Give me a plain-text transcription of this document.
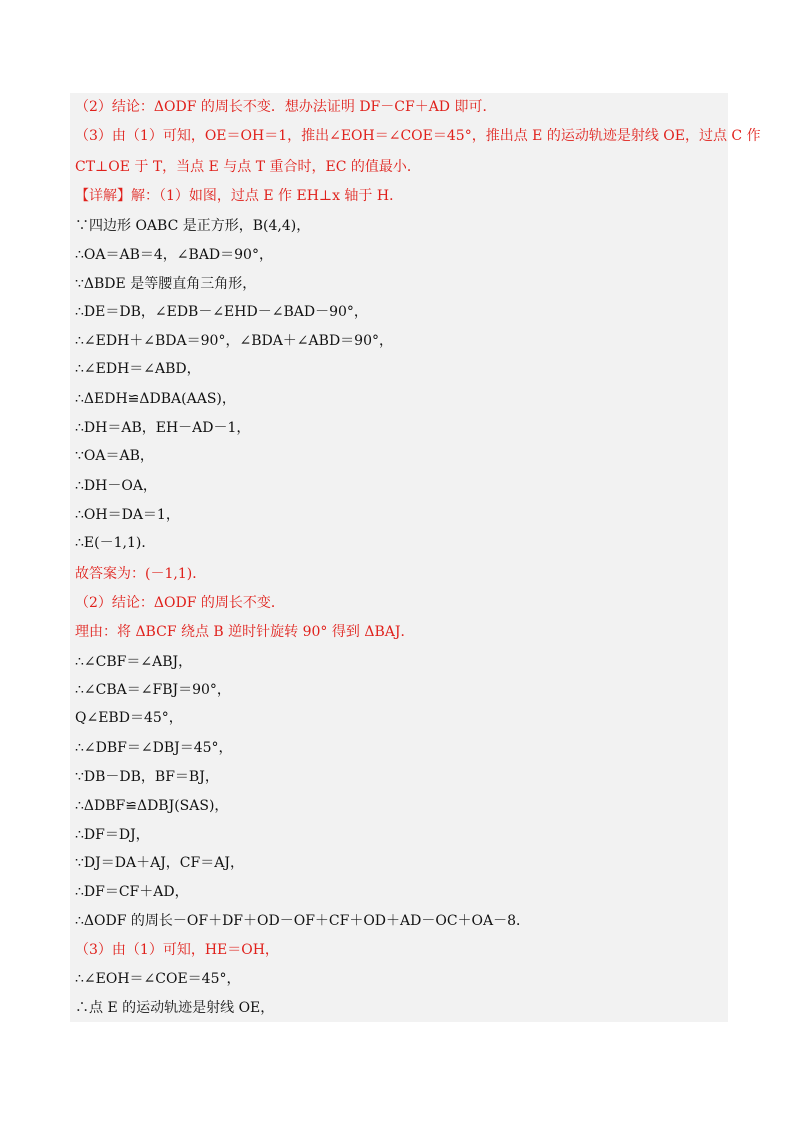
（2）结论：ΔODF 的周长不变．想办法证明 DF－CF＋AD 即可．
（3）由（1）可知，OE＝OH＝1，推出∠EOH＝∠COE＝45°，推出点 E 的运动轨迹是射线 OE，过点 C 作
CT⊥OE 于 T，当点 E 与点 T 重合时，EC 的值最小．
【详解】解：（1）如图，过点 E 作 EH⊥x 轴于 H．
∵四边形 OABC 是正方形，B(4,4)，
∴OA＝AB＝4，∠BAD＝90°，
∵ΔBDE 是等腰直角三角形，
∴DE＝DB，∠EDB－∠EHD－∠BAD－90°，
∴∠EDH＋∠BDA＝90°，∠BDA＋∠ABD＝90°，
∴∠EDH＝∠ABD，
∴ΔEDH≌ΔDBA(AAS)，
∴DH＝AB，EH－AD－1，
∵OA＝AB，
∴DH－OA，
∴OH＝DA＝1，
∴E(－1,1)．
故答案为：(－1,1)．
（2）结论：ΔODF 的周长不变．
理由：将 ΔBCF 绕点 B 逆时针旋转 90° 得到 ΔBAJ．
∴∠CBF＝∠ABJ，
∴∠CBA＝∠FBJ＝90°，
Q∠EBD＝45°，
∴∠DBF＝∠DBJ＝45°，
∵DB－DB，BF＝BJ，
∴ΔDBF≌ΔDBJ(SAS)，
∴DF＝DJ，
∵DJ＝DA＋AJ，CF＝AJ，
∴DF＝CF＋AD，
∴ΔODF 的周长－OF＋DF＋OD－OF＋CF＋OD＋AD－OC＋OA－8．
（3）由（1）可知，HE＝OH，
∴∠EOH＝∠COE＝45°，
∴点 E 的运动轨迹是射线 OE，
